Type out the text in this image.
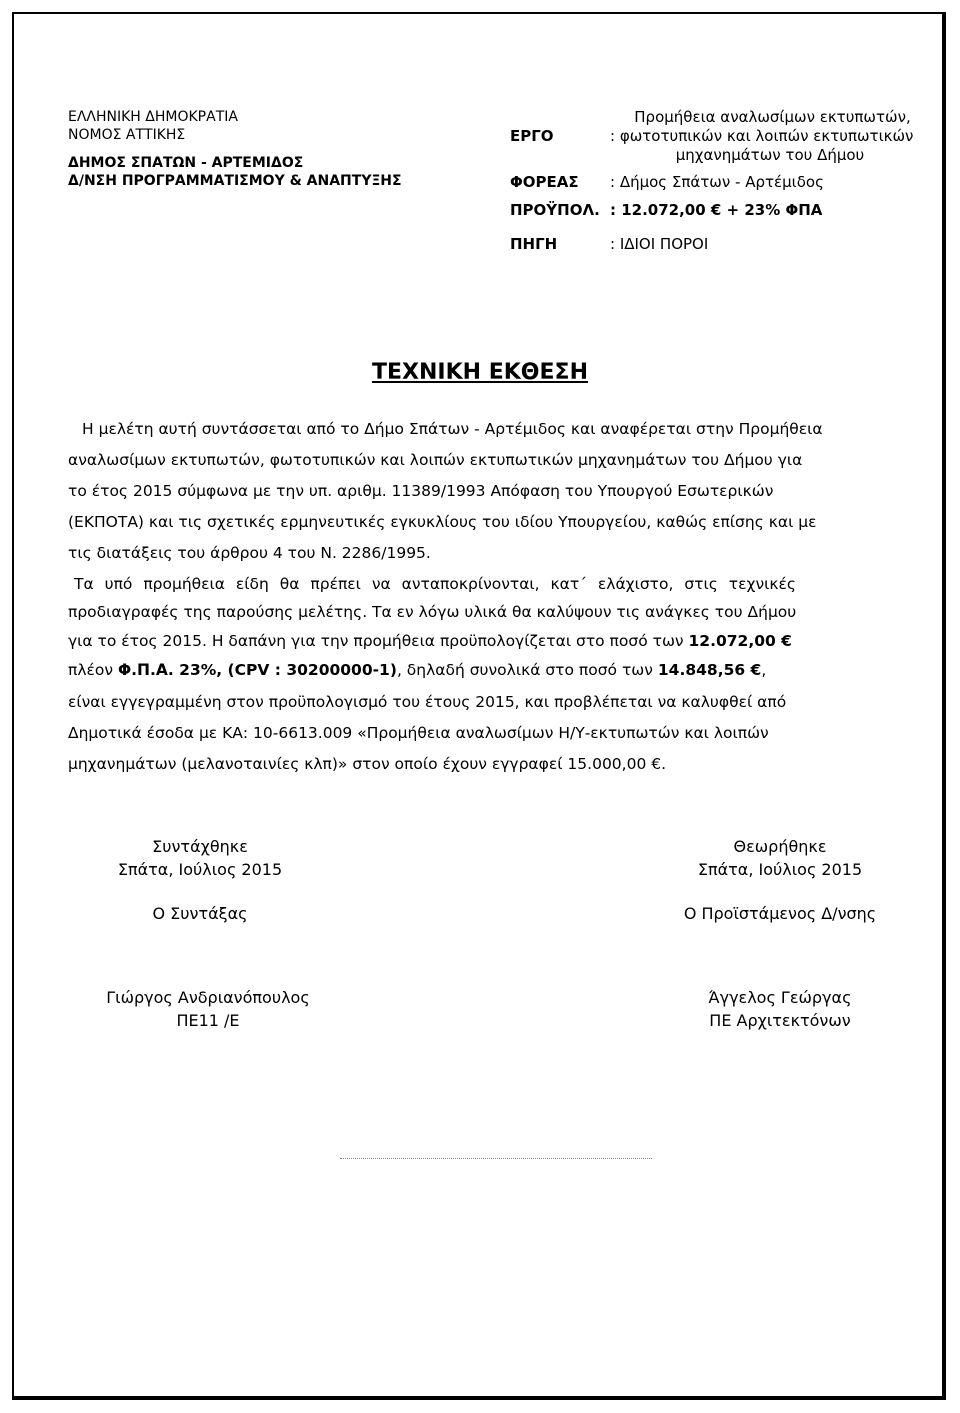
ΕΛΛΗΝΙΚΗ ΔΗΜΟΚΡΑΤΙΑ
ΝΟΜΟΣ ΑΤΤΙΚΗΣ
ΔΗΜΟΣ ΣΠΑΤΩΝ - ΑΡΤΕΜΙΔΟΣ
Δ/ΝΣΗ ΠΡΟΓΡΑΜΜΑΤΙΣΜΟΥ & ΑΝΑΠΤΥΞΗΣ
ΕΡΓΟ
Προμήθεια αναλωσίμων εκτυπωτών,
: φωτοτυπικών και λοιπών εκτυπωτικών
μηχανημάτων του Δήμου
ΦΟΡΕΑΣ : Δήμος Σπάτων - Αρτέμιδος
ΠΡΟΫΠΟΛ. : 12.072,00 € + 23% ΦΠΑ
ΠΗΓΗ	: ΙΔΙΟΙ ΠΟΡΟΙ
ΤΕΧΝΙΚΗ ΕΚΘΕΣΗ
Η μελέτη αυτή συντάσσεται από το Δήμο Σπάτων - Αρτέμιδος και αναφέρεται στην Προμήθεια
αναλωσίμων εκτυπωτών, φωτοτυπικών και λοιπών εκτυπωτικών μηχανημάτων του Δήμου για
το έτος 2015 σύμφωνα με την υπ. αριθμ. 11389/1993 Απόφαση του Υπουργού Εσωτερικών
(ΕΚΠΟΤΑ) και τις σχετικές ερμηνευτικές εγκυκλίους του ιδίου Υπουργείου, καθώς επίσης και με
τις διατάξεις του άρθρου 4 του Ν. 2286/1995.
Τα υπό προμήθεια είδη θα πρέπει να ανταποκρίνονται, κατ΄ ελάχιστο, στις τεχνικές
προδιαγραφές της παρούσης μελέτης. Τα εν λόγω υλικά θα καλύψουν τις ανάγκες του Δήμου
για το έτος 2015. Η δαπάνη για την προμήθεια προϋπολογίζεται στο ποσό των 12.072,00 €
πλέον Φ.Π.Α. 23%, (CPV : 30200000-1), δηλαδή συνολικά στο ποσό των 14.848,56 €,
είναι εγγεγραμμένη στον προϋπολογισμό του έτους 2015, και προβλέπεται να καλυφθεί από
Δημοτικά έσοδα με ΚΑ: 10-6613.009 «Προμήθεια αναλωσίμων Η/Υ-εκτυπωτών και λοιπών
μηχανημάτων (μελανοταινίες κλπ)» στον οποίο έχουν εγγραφεί 15.000,00 €.
Συντάχθηκε
Σπάτα, Ιούλιος 2015
Ο Συντάξας
Γιώργος Ανδριανόπουλος
ΠΕ11 /Ε
Θεωρήθηκε
Σπάτα, Ιούλιος 2015
Ο Προϊστάμενος Δ/νσης
Άγγελος Γεώργας
ΠΕ Αρχιτεκτόνων
